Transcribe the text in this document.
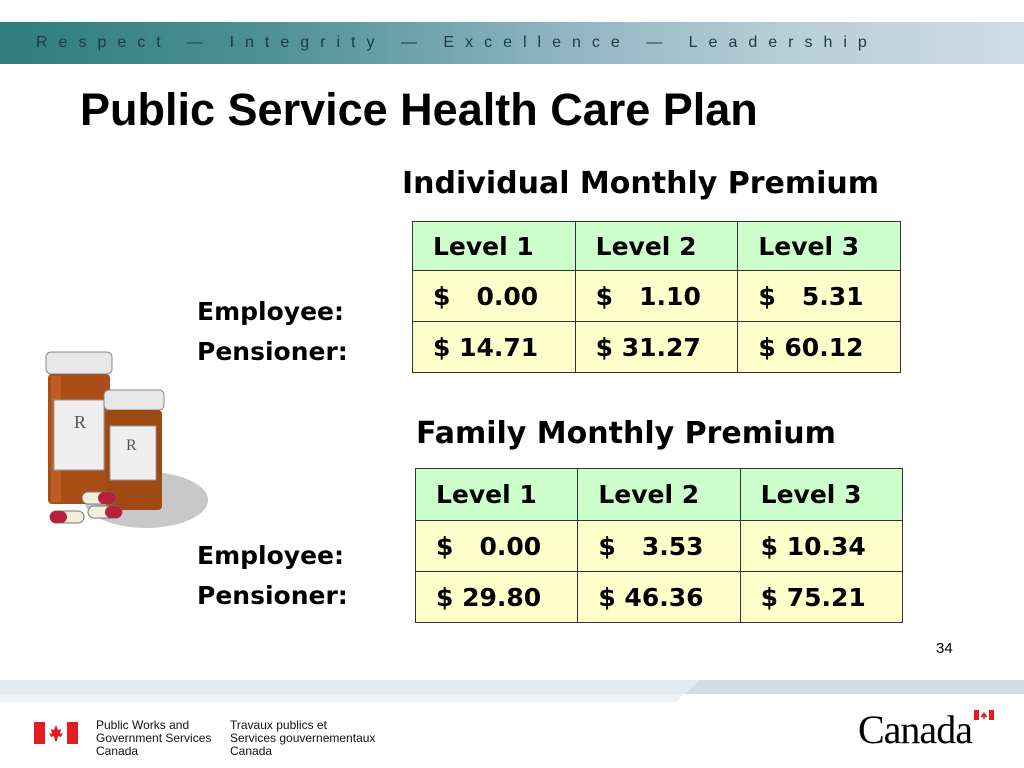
Respect — Integrity — Excellence — Leadership
Public Service Health Care Plan
Individual Monthly Premium
Level 1	Level 2	Level 3
$   0.00	$   1.10	$   5.31
$ 14.71	$ 31.27	$ 60.12
Employee:
Pensioner:
R
R	Family Monthly Premium
Level 1	Level 2	Level 3
$   0.00	$   3.53	$ 10.34
$ 29.80	$ 46.36	$ 75.21
Employee:
Pensioner:
34
Public Works and
Government Services
Canada
Travaux publics et
Services gouvernementaux
Canada	Canada
